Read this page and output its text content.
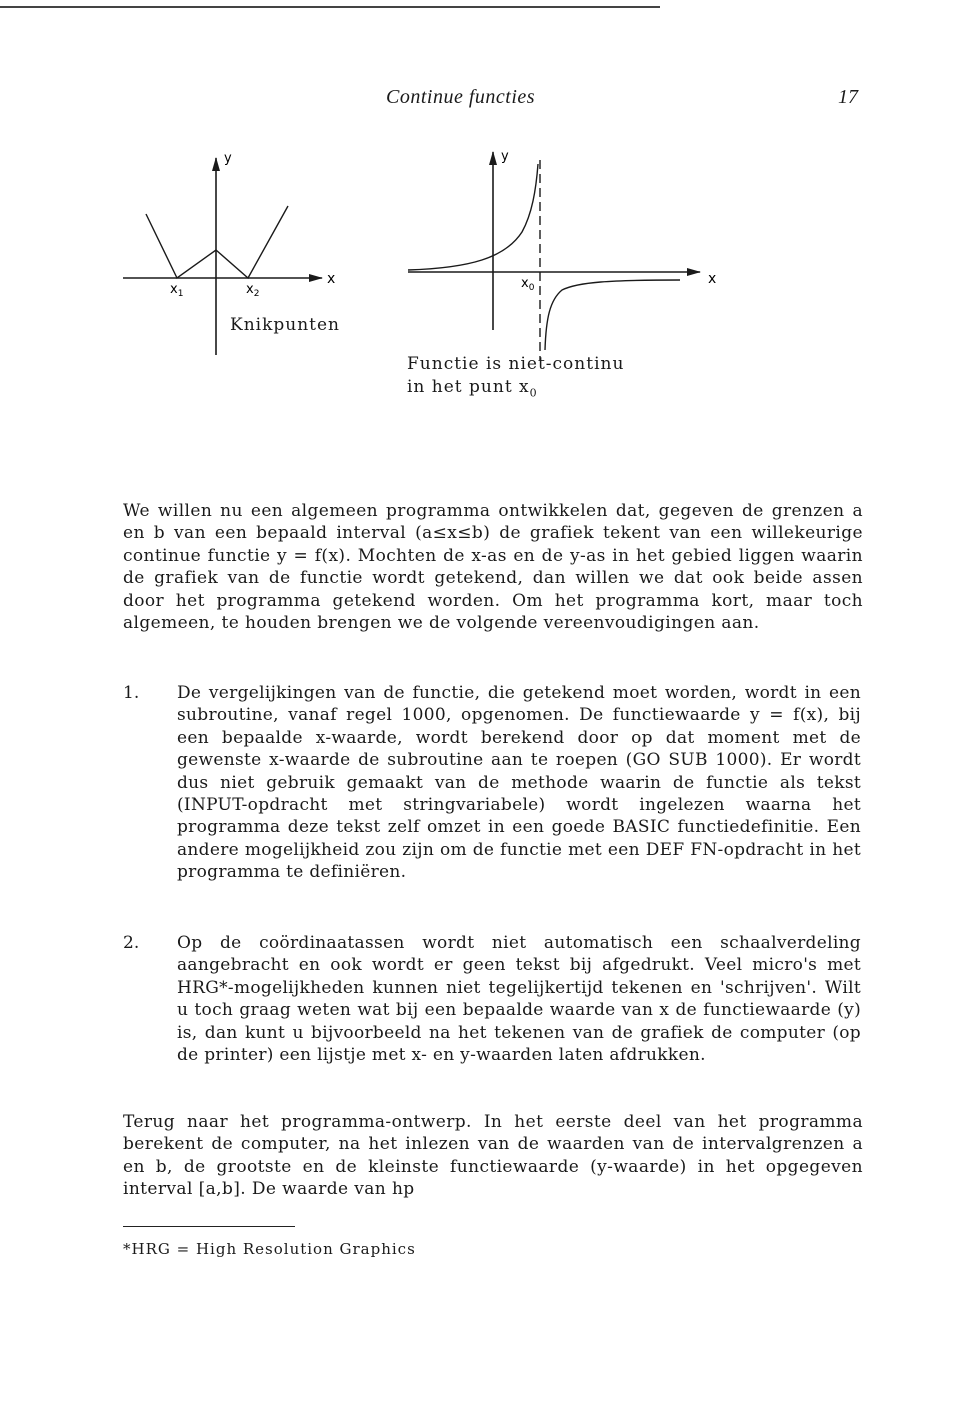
Continue functies	17
y
x
$x_1$	$x_2$
y
x
$x_0$
Knikpunten
Functie is niet-continu
in het punt $x_0$

We willen nu een algemeen programma ontwikkelen dat, gegeven de grenzen a en b van een bepaald interval (a≤x≤b) de grafiek tekent van een willekeurige continue functie y = f(x). Mochten de x-as en de y-as in het gebied liggen waarin de grafiek van de functie wordt getekend, dan willen we dat ook beide assen door het programma getekend worden. Om het programma kort, maar toch algemeen, te houden brengen we de volgende vereenvoudigingen aan.

1. De vergelijkingen van de functie, die getekend moet worden, wordt in een subroutine, vanaf regel 1000, opgenomen. De functiewaarde y = f(x), bij een bepaalde x-waarde, wordt berekend door op dat moment met de gewenste x-waarde de subroutine aan te roepen (GO SUB 1000). Er wordt dus niet gebruik gemaakt van de methode waarin de functie als tekst (INPUT-opdracht met stringvariabele) wordt ingelezen waarna het programma deze tekst zelf omzet in een goede BASIC functiedefinitie. Een andere mogelijkheid zou zijn om de functie met een DEF FN-opdracht in het programma te definiëren.

2. Op de coördinaatassen wordt niet automatisch een schaalverdeling aangebracht en ook wordt er geen tekst bij afgedrukt. Veel micro's met HRG*-mogelijkheden kunnen niet tegelijkertijd tekenen en 'schrijven'. Wilt u toch graag weten wat bij een bepaalde waarde van x de functiewaarde (y) is, dan kunt u bijvoorbeeld na het tekenen van de grafiek de computer (op de printer) een lijstje met x- en y-waarden laten afdrukken.

Terug naar het programma-ontwerp. In het eerste deel van het programma berekent de computer, na het inlezen van de waarden van de intervalgrenzen a en b, de grootste en de kleinste functiewaarde (y-waarde) in het opgegeven interval [a,b]. De waarde van hp

*HRG = High Resolution Graphics
